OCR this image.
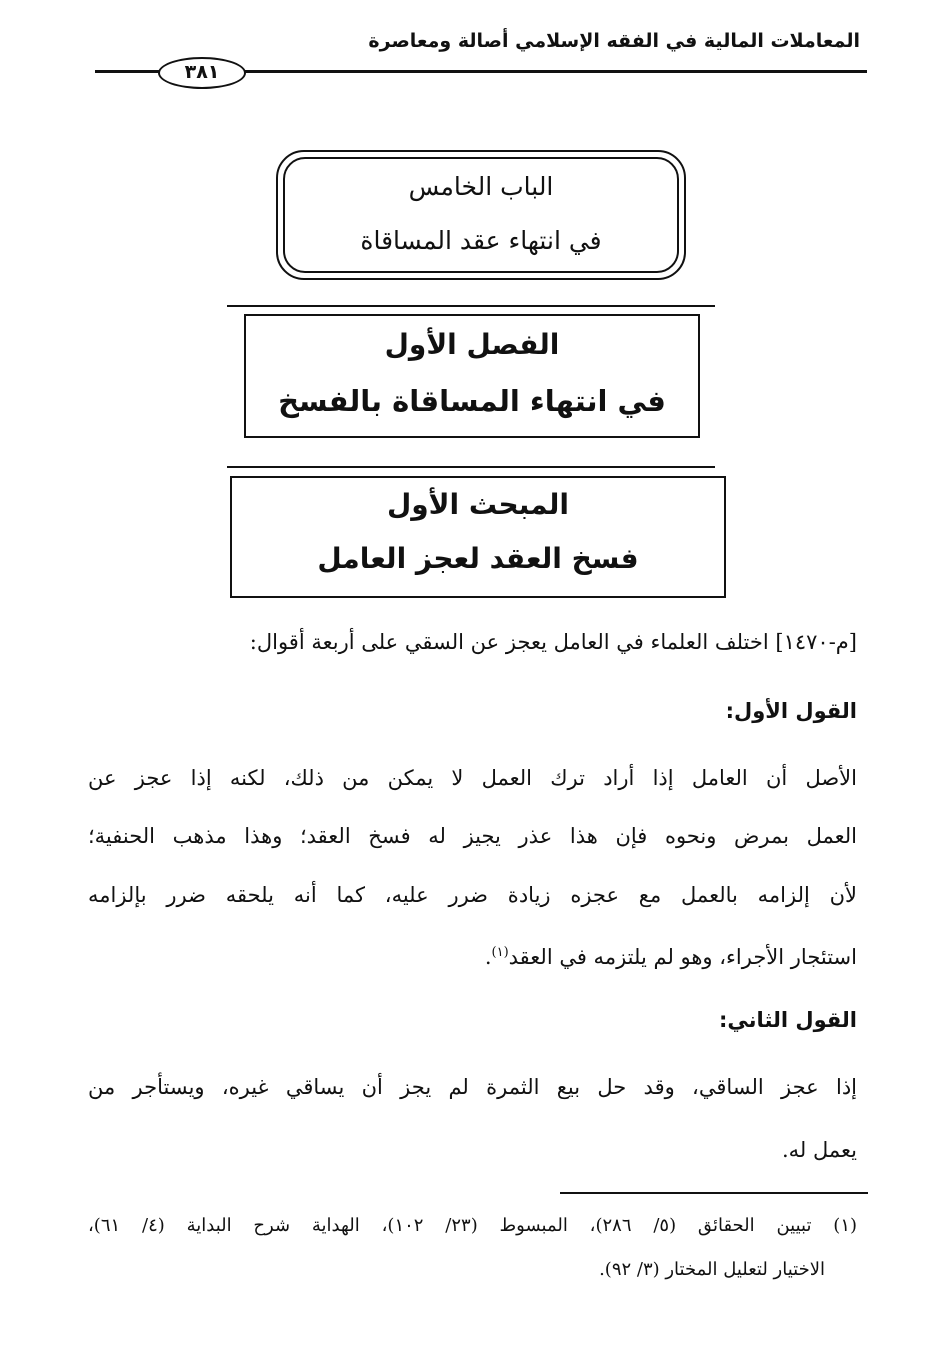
المعاملات المالية في الفقه الإسلامي أصالة ومعاصرة
٣٨١
الباب الخامس
في انتهاء عقد المساقاة
الفصل الأول
في انتهاء المساقاة بالفسخ
المبحث الأول
فسخ العقد لعجز العامل
[م-١٤٧٠] اختلف العلماء في العامل يعجز عن السقي على أربعة أقوال:
القول الأول:
الأصل أن العامل إذا أراد ترك العمل لا يمكن من ذلك، لكنه إذا عجز عن
العمل بمرض ونحوه فإن هذا عذر يجيز له فسخ العقد؛ وهذا مذهب الحنفية؛
لأن إلزامه بالعمل مع عجزه زيادة ضرر عليه، كما أنه يلحقه ضرر بإلزامه
استئجار الأجراء، وهو لم يلتزمه في العقد$^{(١)}$.
القول الثاني:
إذا عجز الساقي، وقد حل بيع الثمرة لم يجز أن يساقي غيره، ويستأجر من
يعمل له.
(١) تبيين الحقائق (٥/ ٢٨٦)، المبسوط (٢٣/ ١٠٢)، الهداية شرح البداية (٤/ ٦١)،
الاختيار لتعليل المختار (٣/ ٩٢).
